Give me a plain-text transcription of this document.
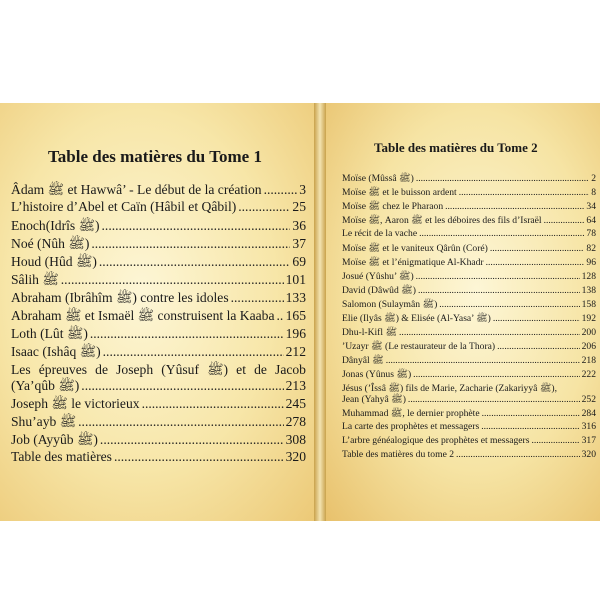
Table des matières du Tome 1
Âdam ﷺ et Hawwâ’ - Le début de la création .....	3
L’histoire d’Abel et Caïn (Hâbil et Qâbil) .....	25
Enoch(Idrîs ﷺ) .....	36
Noé (Nûh ﷺ) .....	37
Houd (Hûd ﷺ) .....	69
Sâlih ﷺ .....	101
Abraham (Ibrâhîm ﷺ) contre les idoles .....	133
Abraham ﷺ et Ismaël ﷺ construisent la Kaaba ..... 165
Loth (Lût ﷺ) .....	196
Isaac (Ishâq ﷺ) .....	212
Les épreuves de Joseph (Yûsuf ﷺ) et de Jacob
(Ya’qûb ﷺ) .....	213
Joseph ﷺ le victorieux .....	245
Shu’ayb ﷺ .....	278
Job (Ayyûb ﷺ) .....	308
Table des matières .....	320
Table des matières du Tome 2
Moïse (Mûssâ ﷺ) .....	2
Moïse ﷺ et le buisson ardent .....	8
Moïse ﷺ chez le Pharaon .....	34
Moïse ﷺ, Aaron ﷺ et les déboires des fils d’Israël .....	64
Le récit de la vache .....	78
Moïse ﷺ et le vaniteux Qârûn (Coré) .....	82
Moïse ﷺ et l’énigmatique Al-Khadr .....	96
Josué (Yûshu’ ﷺ) .....	128
David (Dâwûd ﷺ) .....	138
Salomon (Sulaymân ﷺ) .....	158
Elie (Ilyâs ﷺ) & Elisée (Al-Yasa’ ﷺ) .....	192
Dhu-l-Kifl ﷺ .....	200
’Uzayr ﷺ (Le restaurateur de la Thora) .....	206
Dânyâl ﷺ .....	218
Jonas (Yûnus ﷺ) .....	222
Jésus (’Îssâ ﷺ) fils de Marie, Zacharie (Zakariyyâ ﷺ),
Jean (Yahyâ ﷺ) .....	252
Muhammad ﷺ, le dernier prophète .....	284
La carte des prophètes et messagers .....	316
L’arbre généalogique des prophètes et messagers .....	317
Table des matières du tome 2 .....	320
